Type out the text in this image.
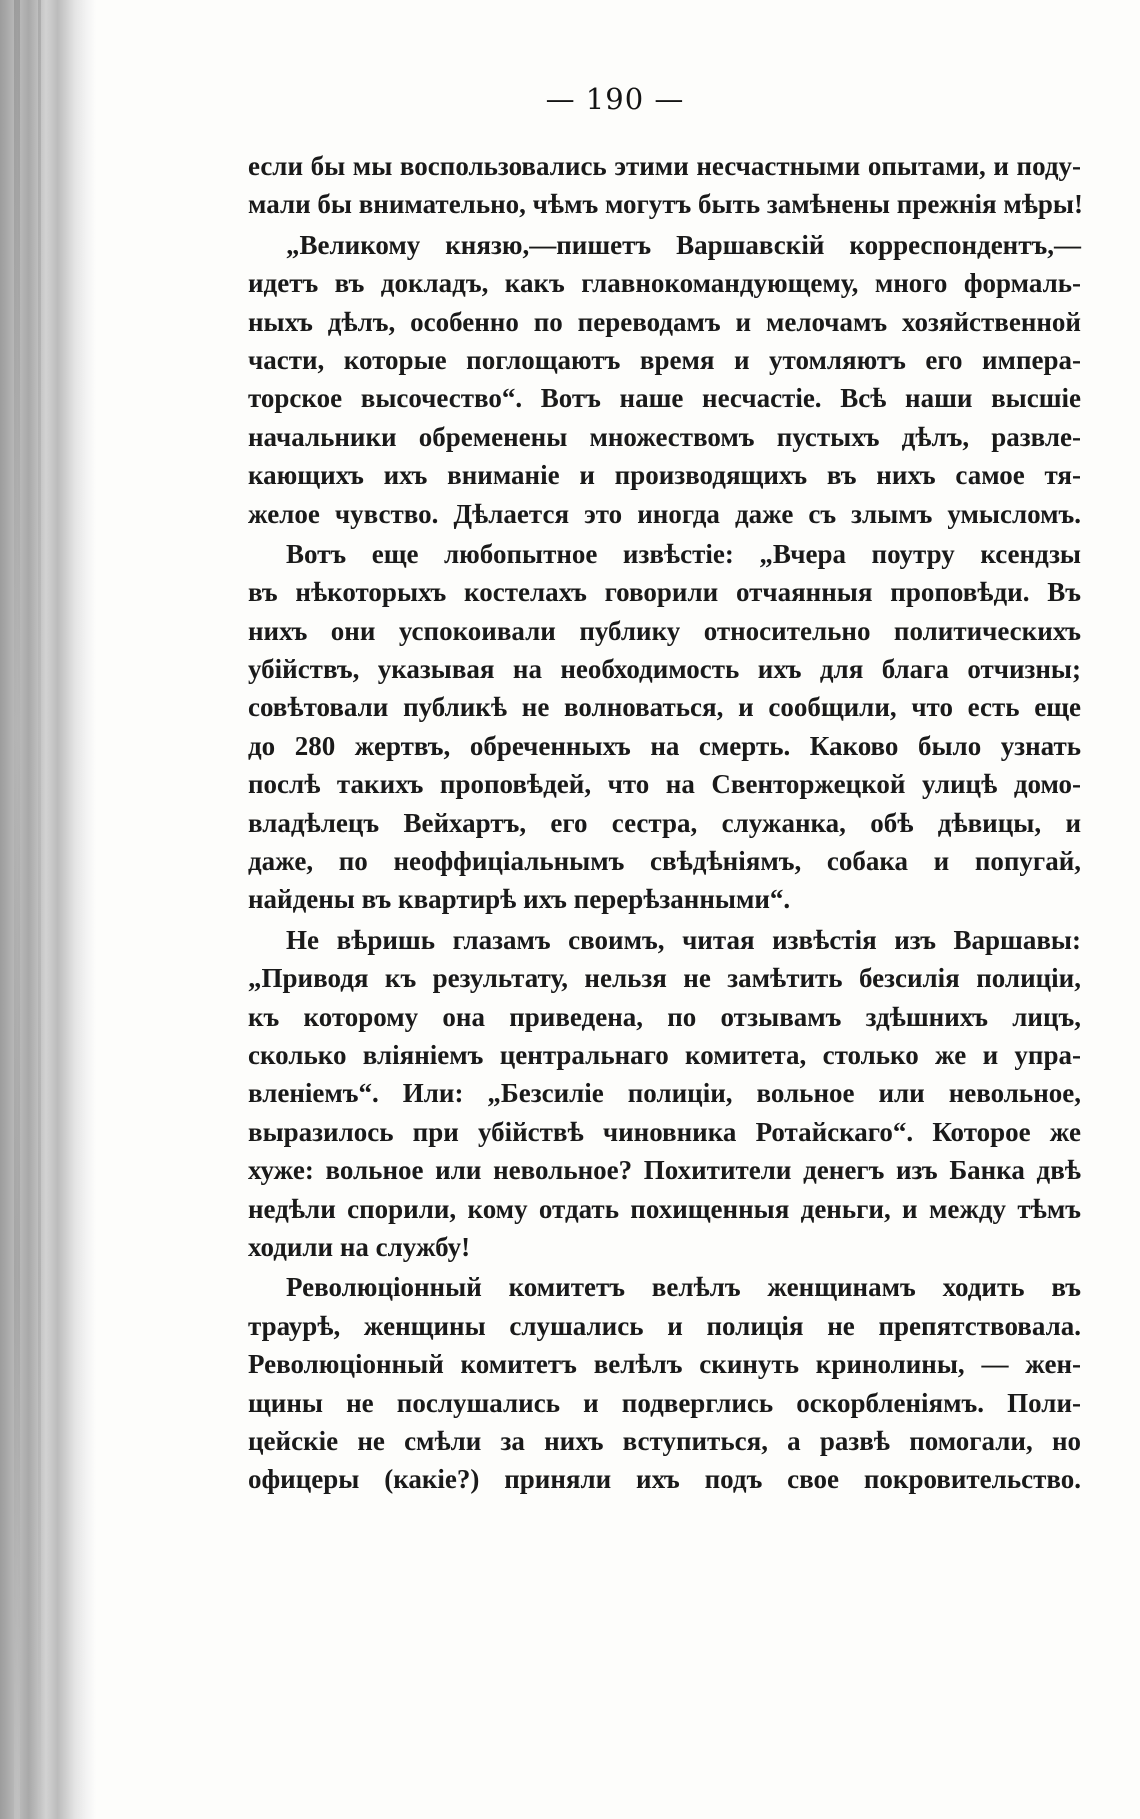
— 190 —
если бы мы воспользовались этими несчастными опытами, и поду-
мали бы внимательно, чѣмъ могутъ быть замѣнены прежнія мѣры!
„Великому князю,—пишетъ Варшавскій корреспондентъ,—
идетъ въ докладъ, какъ главнокомандующему, много формаль-
ныхъ дѣлъ, особенно по переводамъ и мелочамъ хозяйственной
части, которые поглощаютъ время и утомляютъ его импера-
торское высочество“. Вотъ наше несчастіе. Всѣ наши высшіе
начальники обременены множествомъ пустыхъ дѣлъ, развле-
кающихъ ихъ вниманіе и производящихъ въ нихъ самое тя-
желое чувство. Дѣлается это иногда даже съ злымъ умысломъ.
Вотъ еще любопытное извѣстіе: „Вчера поутру ксендзы
въ нѣкоторыхъ костелахъ говорили отчаянныя проповѣди. Въ
нихъ они успокоивали публику относительно политическихъ
убійствъ, указывая на необходимость ихъ для блага отчизны;
совѣтовали публикѣ не волноваться, и сообщили, что есть еще
до 280 жертвъ, обреченныхъ на смерть. Каково было узнать
послѣ такихъ проповѣдей, что на Свенторжецкой улицѣ домо-
владѣлецъ Вейхартъ, его сестра, служанка, обѣ дѣвицы, и
даже, по неоффиціальнымъ свѣдѣніямъ, собака и попугай,
найдены въ квартирѣ ихъ перерѣзанными“.
Не вѣришь глазамъ своимъ, читая извѣстія изъ Варшавы:
„Приводя къ результату, нельзя не замѣтить безсилія полиціи,
къ которому она приведена, по отзывамъ здѣшнихъ лицъ,
сколько вліяніемъ центральнаго комитета, столько же и упра-
вленіемъ“. Или: „Безсиліе полиціи, вольное или невольное,
выразилось при убійствѣ чиновника Ротайскаго“. Которое же
хуже: вольное или невольное? Похитители денегъ изъ Банка двѣ
недѣли спорили, кому отдать похищенныя деньги, и между тѣмъ
ходили на службу!
Революціонный комитетъ велѣлъ женщинамъ ходить въ
траурѣ, женщины слушались и полиція не препятствовала.
Революціонный комитетъ велѣлъ скинуть кринолины, — жен-
щины не послушались и подверглись оскорбленіямъ. Поли-
цейскіе не смѣли за нихъ вступиться, а развѣ помогали, но
офицеры (какіе?) приняли ихъ подъ свое покровительство.
